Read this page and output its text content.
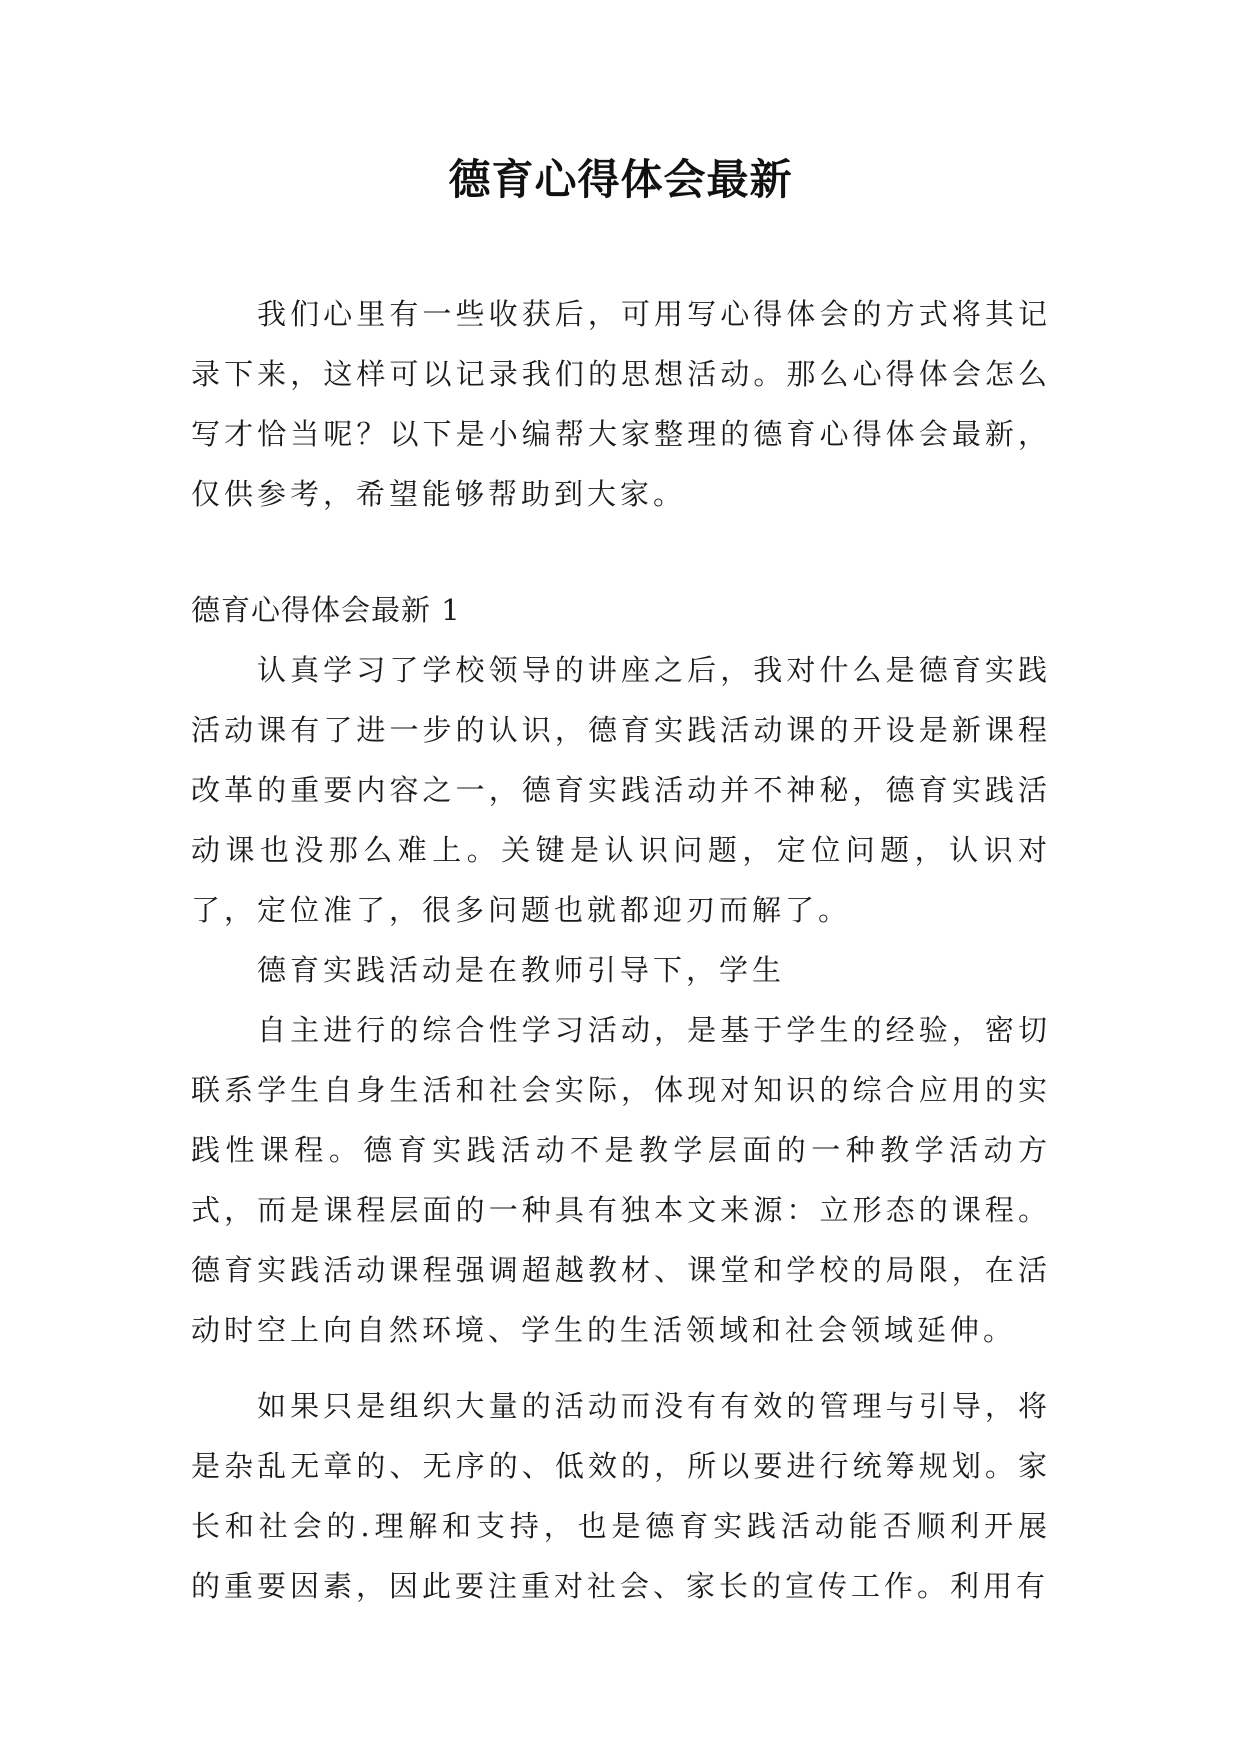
德育心得体会最新

我们心里有一些收获后，可用写心得体会的方式将其记录下来，这样可以记录我们的思想活动。那么心得体会怎么写才恰当呢？以下是小编帮大家整理的德育心得体会最新，仅供参考，希望能够帮助到大家。

德育心得体会最新 1

认真学习了学校领导的讲座之后，我对什么是德育实践活动课有了进一步的认识，德育实践活动课的开设是新课程改革的重要内容之一，德育实践活动并不神秘，德育实践活动课也没那么难上。关键是认识问题，定位问题，认识对了，定位准了，很多问题也就都迎刃而解了。

德育实践活动是在教师引导下，学生

自主进行的综合性学习活动，是基于学生的经验，密切联系学生自身生活和社会实际，体现对知识的综合应用的实践性课程。德育实践活动不是教学层面的一种教学活动方式，而是课程层面的一种具有独本文来源：立形态的课程。德育实践活动课程强调超越教材、课堂和学校的局限，在活动时空上向自然环境、学生的生活领域和社会领域延伸。

如果只是组织大量的活动而没有有效的管理与引导，将是杂乱无章的、无序的、低效的，所以要进行统筹规划。家长和社会的.理解和支持，也是德育实践活动能否顺利开展的重要因素，因此要注重对社会、家长的宣传工作。利用有
